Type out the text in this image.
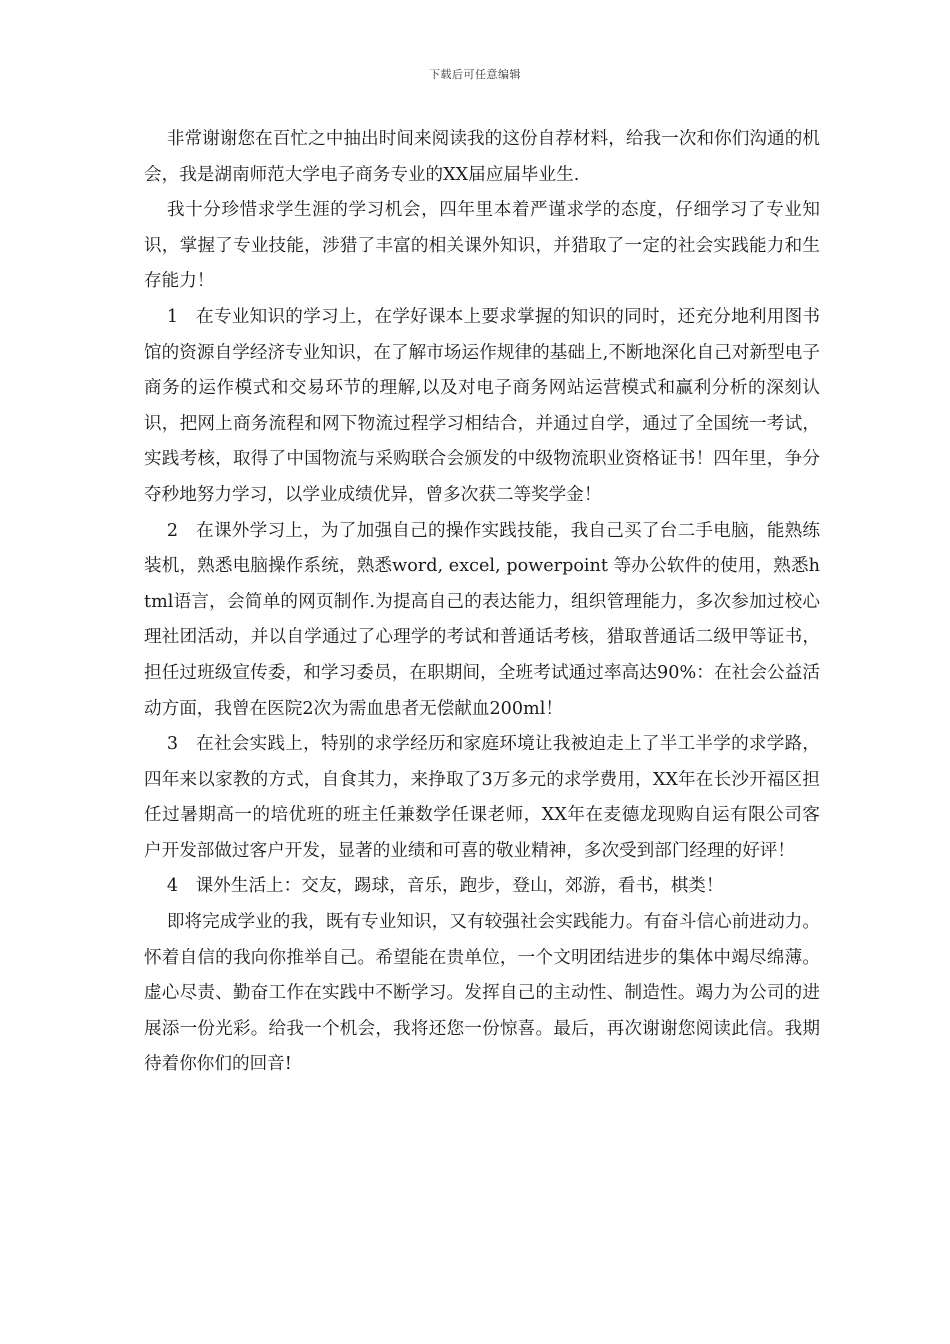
下载后可任意编辑

非常谢谢您在百忙之中抽出时间来阅读我的这份自荐材料，给我一次和你们沟通的机会，我是湖南师范大学电子商务专业的XX届应届毕业生.

我十分珍惜求学生涯的学习机会，四年里本着严谨求学的态度，仔细学习了专业知识，掌握了专业技能，涉猎了丰富的相关课外知识，并猎取了一定的社会实践能力和生存能力！

1　在专业知识的学习上，在学好课本上要求掌握的知识的同时，还充分地利用图书馆的资源自学经济专业知识，在了解市场运作规律的基础上,不断地深化自己对新型电子商务的运作模式和交易环节的理解,以及对电子商务网站运营模式和赢利分析的深刻认识，把网上商务流程和网下物流过程学习相结合，并通过自学，通过了全国统一考试，实践考核，取得了中国物流与采购联合会颁发的中级物流职业资格证书！四年里，争分夺秒地努力学习，以学业成绩优异，曾多次获二等奖学金！

2　在课外学习上，为了加强自己的操作实践技能，我自己买了台二手电脑，能熟练装机，熟悉电脑操作系统，熟悉word, excel, powerpoint 等办公软件的使用，熟悉html语言，会简单的网页制作.为提高自己的表达能力，组织管理能力，多次参加过校心理社团活动，并以自学通过了心理学的考试和普通话考核，猎取普通话二级甲等证书，担任过班级宣传委，和学习委员，在职期间，全班考试通过率高达90%：在社会公益活动方面，我曾在医院2次为需血患者无偿献血200ml！

3　在社会实践上，特别的求学经历和家庭环境让我被迫走上了半工半学的求学路，四年来以家教的方式，自食其力，来挣取了3万多元的求学费用，XX年在长沙开福区担任过暑期高一的培优班的班主任兼数学任课老师，XX年在麦德龙现购自运有限公司客户开发部做过客户开发，显著的业绩和可喜的敬业精神，多次受到部门经理的好评！

4　课外生活上：交友，踢球，音乐，跑步，登山，郊游，看书，棋类！

即将完成学业的我，既有专业知识，又有较强社会实践能力。有奋斗信心前进动力。怀着自信的我向你推举自己。希望能在贵单位，一个文明团结进步的集体中竭尽绵薄。虚心尽责、勤奋工作在实践中不断学习。发挥自己的主动性、制造性。竭力为公司的进展添一份光彩。给我一个机会，我将还您一份惊喜。最后，再次谢谢您阅读此信。我期待着你你们的回音!
